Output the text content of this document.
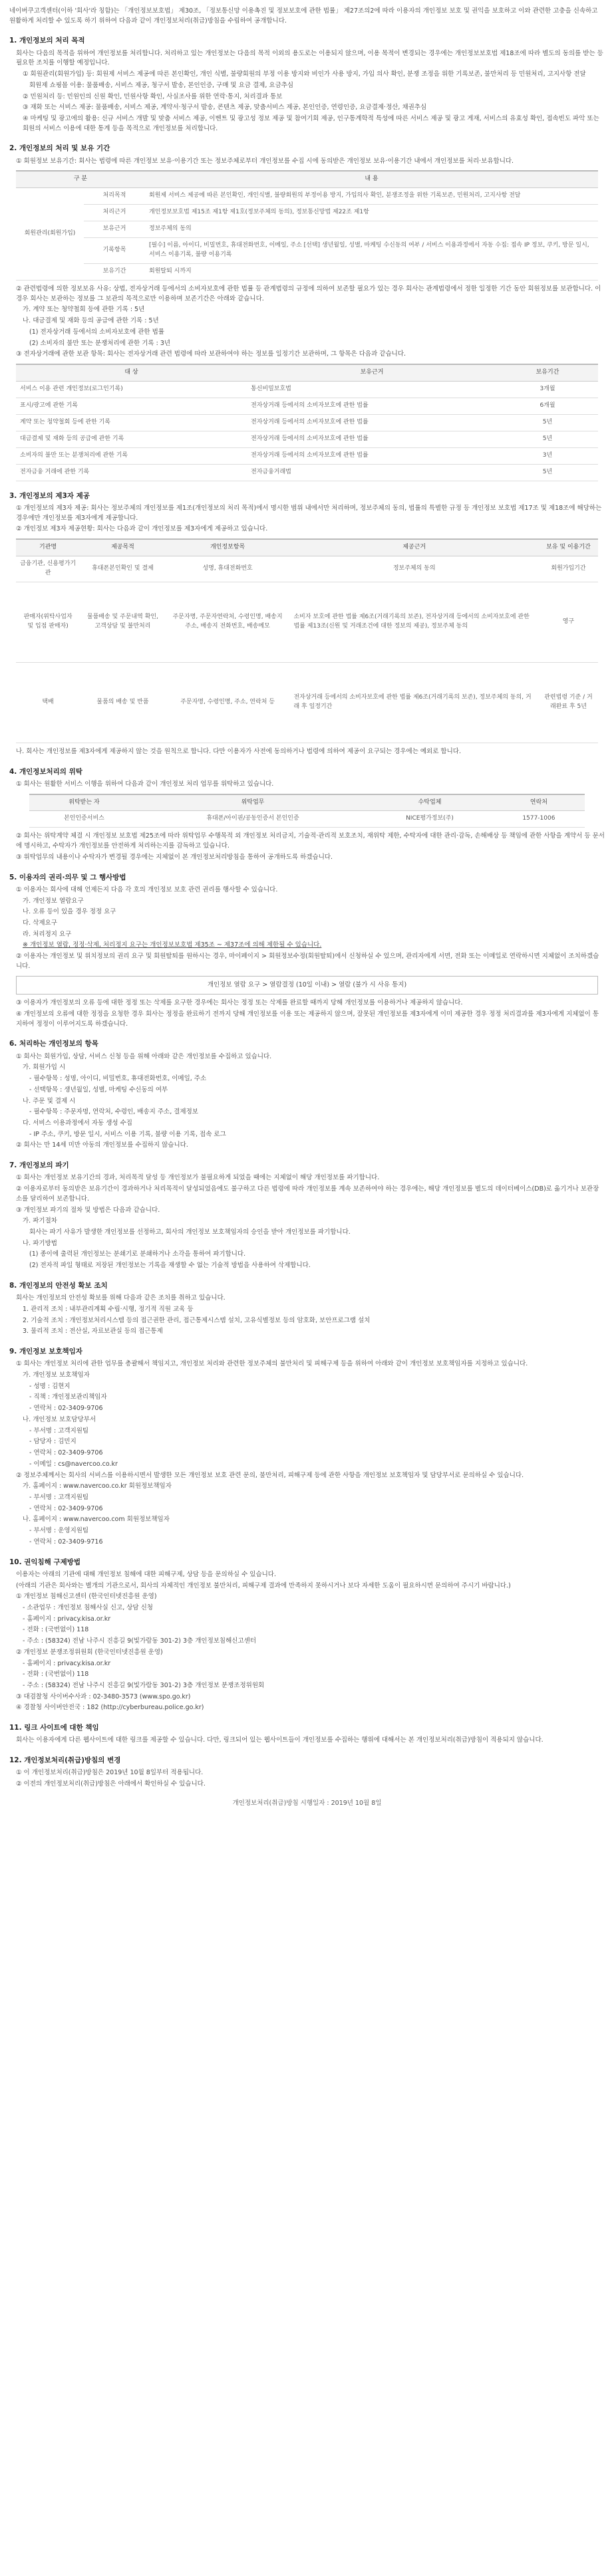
네이버쿠고객센터(이하 '회사'라 칭함)는 「개인정보보호법」 제30조, 「정보통신망 이용촉진 및 정보보호에 관한 법률」 제27조의2에 따라 이용자의 개인정보 보호 및 권익을 보호하고 이와 관련한 고충을 신속하고 원활하게 처리할 수 있도록 하기 위하여 다음과 같이 개인정보처리(취급)방침을 수립하여 공개합니다.

1. 개인정보의 처리 목적

회사는 다음의 목적을 위하여 개인정보를 처리합니다. 처리하고 있는 개인정보는 다음의 목적 이외의 용도로는 이용되지 않으며, 이용 목적이 변경되는 경우에는 개인정보보호법 제18조에 따라 별도의 동의를 받는 등 필요한 조치를 이행할 예정입니다.

① 회원관리(회원가입) 등: 회원제 서비스 제공에 따른 본인확인, 개인 식별, 불량회원의 부정 이용 방지와 비인가 사용 방지, 가입 의사 확인, 분쟁 조정을 위한 기록보존, 불만처리 등 민원처리, 고지사항 전달

회원제 쇼핑몰 이용: 물품배송, 서비스 제공, 청구서 발송, 본인인증, 구매 및 요금 결제, 요금추심

② 민원처리 등: 민원인의 신원 확인, 민원사항 확인, 사실조사를 위한 연락·통지, 처리결과 통보

③ 재화 또는 서비스 제공: 물품배송, 서비스 제공, 계약서·청구서 발송, 콘텐츠 제공, 맞춤서비스 제공, 본인인증, 연령인증, 요금결제·정산, 채권추심

④ 마케팅 및 광고에의 활용: 신규 서비스 개발 및 맞춤 서비스 제공, 이벤트 및 광고성 정보 제공 및 참여기회 제공, 인구통계학적 특성에 따른 서비스 제공 및 광고 게재, 서비스의 유효성 확인, 접속빈도 파악 또는 회원의 서비스 이용에 대한 통계 등을 목적으로 개인정보를 처리합니다.

2. 개인정보의 처리 및 보유 기간

① 회원정보 보유기간: 회사는 법령에 따른 개인정보 보유·이용기간 또는 정보주체로부터 개인정보를 수집 시에 동의받은 개인정보 보유·이용기간 내에서 개인정보를 처리·보유합니다.

구 분		내 용
회원관리(회원가입)	처리목적	회원제 서비스 제공에 따른 본인확인, 개인식별, 불량회원의 부정이용 방지, 가입의사 확인, 분쟁조정을 위한 기록보존, 민원처리, 고지사항 전달
	처리근거	개인정보보호법 제15조 제1항 제1호(정보주체의 동의), 정보통신망법 제22조 제1항
	보유근거	정보주체의 동의
	기록항목	[필수] 이름, 아이디, 비밀번호, 휴대전화번호, 이메일, 주소 [선택] 생년월일, 성별, 마케팅 수신동의 여부 / 서비스 이용과정에서 자동 수집: 접속 IP 정보, 쿠키, 방문 일시, 서비스 이용기록, 불량 이용기록
	보유기간	회원탈퇴 시까지

② 관련법령에 의한 정보보유 사유: 상법, 전자상거래 등에서의 소비자보호에 관한 법률 등 관계법령의 규정에 의하여 보존할 필요가 있는 경우 회사는 관계법령에서 정한 일정한 기간 동안 회원정보를 보관합니다. 이 경우 회사는 보관하는 정보를 그 보관의 목적으로만 이용하며 보존기간은 아래와 같습니다.

가. 계약 또는 청약철회 등에 관한 기록 : 5년

나. 대금결제 및 재화 등의 공급에 관한 기록 : 5년

(1) 전자상거래 등에서의 소비자보호에 관한 법률

(2) 소비자의 불만 또는 분쟁처리에 관한 기록 : 3년

③ 전자상거래에 관한 보관 항목: 회사는 전자상거래 관련 법령에 따라 보관하여야 하는 정보를 일정기간 보관하며, 그 항목은 다음과 같습니다.

대 상	보유근거	보유기간
서비스 이용 관련 개인정보(로그인기록)	통신비밀보호법	3개월
표시/광고에 관한 기록	전자상거래 등에서의 소비자보호에 관한 법률	6개월
계약 또는 청약철회 등에 관한 기록	전자상거래 등에서의 소비자보호에 관한 법률	5년
대금결제 및 재화 등의 공급에 관한 기록	전자상거래 등에서의 소비자보호에 관한 법률	5년
소비자의 불만 또는 분쟁처리에 관한 기록	전자상거래 등에서의 소비자보호에 관한 법률	3년
전자금융 거래에 관한 기록	전자금융거래법	5년
3. 개인정보의 제3자 제공

① 개인정보의 제3자 제공: 회사는 정보주체의 개인정보를 제1조(개인정보의 처리 목적)에서 명시한 범위 내에서만 처리하며, 정보주체의 동의, 법률의 특별한 규정 등 개인정보 보호법 제17조 및 제18조에 해당하는 경우에만 개인정보를 제3자에게 제공합니다.

② 개인정보 제3자 제공현황: 회사는 다음과 같이 개인정보를 제3자에게 제공하고 있습니다.

기관명	제공목적	개인정보항목	제공근거	보유 및 이용기간
금융기관, 신용평가기관	휴대폰본인확인 및 결제	성명, 휴대전화번호	정보주체의 동의	회원가입기간
판매자(위탁사업자 및 입점 판매자)	물품배송 및 주문내역 확인, 고객상담 및 불만처리	주문자명, 주문자연락처, 수령인명, 배송지 주소, 배송지 전화번호, 배송메모	소비자 보호에 관한 법률 제6조(거래기록의 보존), 전자상거래 등에서의 소비자보호에 관한 법률 제13조(신원 및 거래조건에 대한 정보의 제공), 정보주체 동의	영구
택배	물품의 배송 및 반품	주문자명, 수령인명, 주소, 연락처 등	전자상거래 등에서의 소비자보호에 관한 법률 제6조(거래기록의 보존), 정보주체의 동의, 거래 후 일정기간	관련법령 기준 / 거래완료 후 5년

나. 회사는 개인정보를 제3자에게 제공하지 않는 것을 원칙으로 합니다. 다만 이용자가 사전에 동의하거나 법령에 의하여 제공이 요구되는 경우에는 예외로 합니다.

4. 개인정보처리의 위탁

① 회사는 원활한 서비스 이행을 위하여 다음과 같이 개인정보 처리 업무를 위탁하고 있습니다.

위탁받는 자	위탁업무	수탁업체	연락처
본인인증서비스	휴대폰/아이핀/공동인증서 본인인증	NICE평가정보(주)	1577-1006

② 회사는 위탁계약 체결 시 개인정보 보호법 제25조에 따라 위탁업무 수행목적 외 개인정보 처리금지, 기술적·관리적 보호조치, 재위탁 제한, 수탁자에 대한 관리·감독, 손해배상 등 책임에 관한 사항을 계약서 등 문서에 명시하고, 수탁자가 개인정보를 안전하게 처리하는지를 감독하고 있습니다.

③ 위탁업무의 내용이나 수탁자가 변경될 경우에는 지체없이 본 개인정보처리방침을 통하여 공개하도록 하겠습니다.

5. 이용자의 권리·의무 및 그 행사방법

① 이용자는 회사에 대해 언제든지 다음 각 호의 개인정보 보호 관련 권리를 행사할 수 있습니다.

가. 개인정보 열람요구

나. 오류 등이 있을 경우 정정 요구

다. 삭제요구

라. 처리정지 요구

※ 개인정보 열람, 정정·삭제, 처리정지 요구는 개인정보보호법 제35조 ~ 제37조에 의해 제한될 수 있습니다.

② 이용자는 개인정보 및 위치정보의 권리 요구 및 회원탈퇴를 원하시는 경우, 마이페이지 > 회원정보수정(회원탈퇴)에서 신청하실 수 있으며, 관리자에게 서면, 전화 또는 이메일로 연락하시면 지체없이 조치하겠습니다.

개인정보 열람 요구 > 열람결정 (10일 이내) > 열람 (불가 시 사유 통지)

③ 이용자가 개인정보의 오류 등에 대한 정정 또는 삭제를 요구한 경우에는 회사는 정정 또는 삭제를 완료할 때까지 당해 개인정보를 이용하거나 제공하지 않습니다.

④ 개인정보의 오류에 대한 정정을 요청한 경우 회사는 정정을 완료하기 전까지 당해 개인정보를 이용 또는 제공하지 않으며, 잘못된 개인정보를 제3자에게 이미 제공한 경우 정정 처리결과를 제3자에게 지체없이 통지하여 정정이 이루어지도록 하겠습니다.

6. 처리하는 개인정보의 항목

① 회사는 회원가입, 상담, 서비스 신청 등을 위해 아래와 같은 개인정보를 수집하고 있습니다.

가. 회원가입 시

- 필수항목 : 성명, 아이디, 비밀번호, 휴대전화번호, 이메일, 주소

- 선택항목 : 생년월일, 성별, 마케팅 수신동의 여부

나. 주문 및 결제 시

- 필수항목 : 주문자명, 연락처, 수령인, 배송지 주소, 결제정보

다. 서비스 이용과정에서 자동 생성 수집

- IP 주소, 쿠키, 방문 일시, 서비스 이용 기록, 불량 이용 기록, 접속 로그

② 회사는 만 14세 미만 아동의 개인정보를 수집하지 않습니다.

7. 개인정보의 파기

① 회사는 개인정보 보유기간의 경과, 처리목적 달성 등 개인정보가 불필요하게 되었을 때에는 지체없이 해당 개인정보를 파기합니다.

② 이용자로부터 동의받은 보유기간이 경과하거나 처리목적이 달성되었음에도 불구하고 다른 법령에 따라 개인정보를 계속 보존하여야 하는 경우에는, 해당 개인정보를 별도의 데이터베이스(DB)로 옮기거나 보관장소를 달리하여 보존합니다.

③ 개인정보 파기의 절차 및 방법은 다음과 같습니다.

가. 파기절차

회사는 파기 사유가 발생한 개인정보를 선정하고, 회사의 개인정보 보호책임자의 승인을 받아 개인정보를 파기합니다.

나. 파기방법

(1) 종이에 출력된 개인정보는 분쇄기로 분쇄하거나 소각을 통하여 파기합니다.

(2) 전자적 파일 형태로 저장된 개인정보는 기록을 재생할 수 없는 기술적 방법을 사용하여 삭제합니다.

8. 개인정보의 안전성 확보 조치

회사는 개인정보의 안전성 확보를 위해 다음과 같은 조치를 취하고 있습니다.

1. 관리적 조치 : 내부관리계획 수립·시행, 정기적 직원 교육 등

2. 기술적 조치 : 개인정보처리시스템 등의 접근권한 관리, 접근통제시스템 설치, 고유식별정보 등의 암호화, 보안프로그램 설치

3. 물리적 조치 : 전산실, 자료보관실 등의 접근통제

9. 개인정보 보호책임자

① 회사는 개인정보 처리에 관한 업무를 총괄해서 책임지고, 개인정보 처리와 관련한 정보주체의 불만처리 및 피해구제 등을 위하여 아래와 같이 개인정보 보호책임자를 지정하고 있습니다.

가. 개인정보 보호책임자

- 성명 : 김현지

- 직책 : 개인정보관리책임자

- 연락처 : 02-3409-9706

나. 개인정보 보호담당부서

- 부서명 : 고객지원팀

- 담당자 : 김민지

- 연락처 : 02-3409-9706

- 이메일 : cs@navercoo.co.kr

② 정보주체께서는 회사의 서비스를 이용하시면서 발생한 모든 개인정보 보호 관련 문의, 불만처리, 피해구제 등에 관한 사항을 개인정보 보호책임자 및 담당부서로 문의하실 수 있습니다.

가. 홈페이지 : www.navercoo.co.kr 회원정보책임자

- 부서명 : 고객지원팀

- 연락처 : 02-3409-9706

나. 홈페이지 : www.navercoo.com 회원정보책임자

- 부서명 : 운영지원팀

- 연락처 : 02-3409-9716

10. 권익침해 구제방법

이용자는 아래의 기관에 대해 개인정보 침해에 대한 피해구제, 상담 등을 문의하실 수 있습니다.

(아래의 기관은 회사와는 별개의 기관으로서, 회사의 자체적인 개인정보 불만처리, 피해구제 결과에 만족하지 못하시거나 보다 자세한 도움이 필요하시면 문의하여 주시기 바랍니다.)

① 개인정보 침해신고센터 (한국인터넷진흥원 운영)

- 소관업무 : 개인정보 침해사실 신고, 상담 신청

- 홈페이지 : privacy.kisa.or.kr

- 전화 : (국번없이) 118

- 주소 : (58324) 전남 나주시 진흥길 9(빛가람동 301-2) 3층 개인정보침해신고센터

② 개인정보 분쟁조정위원회 (한국인터넷진흥원 운영)

- 홈페이지 : privacy.kisa.or.kr

- 전화 : (국번없이) 118

- 주소 : (58324) 전남 나주시 진흥길 9(빛가람동 301-2) 3층 개인정보 분쟁조정위원회

③ 대검찰청 사이버수사과 : 02-3480-3573 (www.spo.go.kr)

④ 경찰청 사이버안전국 : 182 (http://cyberbureau.police.go.kr)

11. 링크 사이트에 대한 책임

회사는 이용자에게 다른 웹사이트에 대한 링크를 제공할 수 있습니다. 다만, 링크되어 있는 웹사이트들이 개인정보를 수집하는 행위에 대해서는 본 개인정보처리(취급)방침이 적용되지 않습니다.

12. 개인정보처리(취급)방침의 변경

① 이 개인정보처리(취급)방침은 2019년 10월 8일부터 적용됩니다.

② 이전의 개인정보처리(취급)방침은 아래에서 확인하실 수 있습니다.

개인정보처리(취급)방침 시행일자 : 2019년 10월 8일
